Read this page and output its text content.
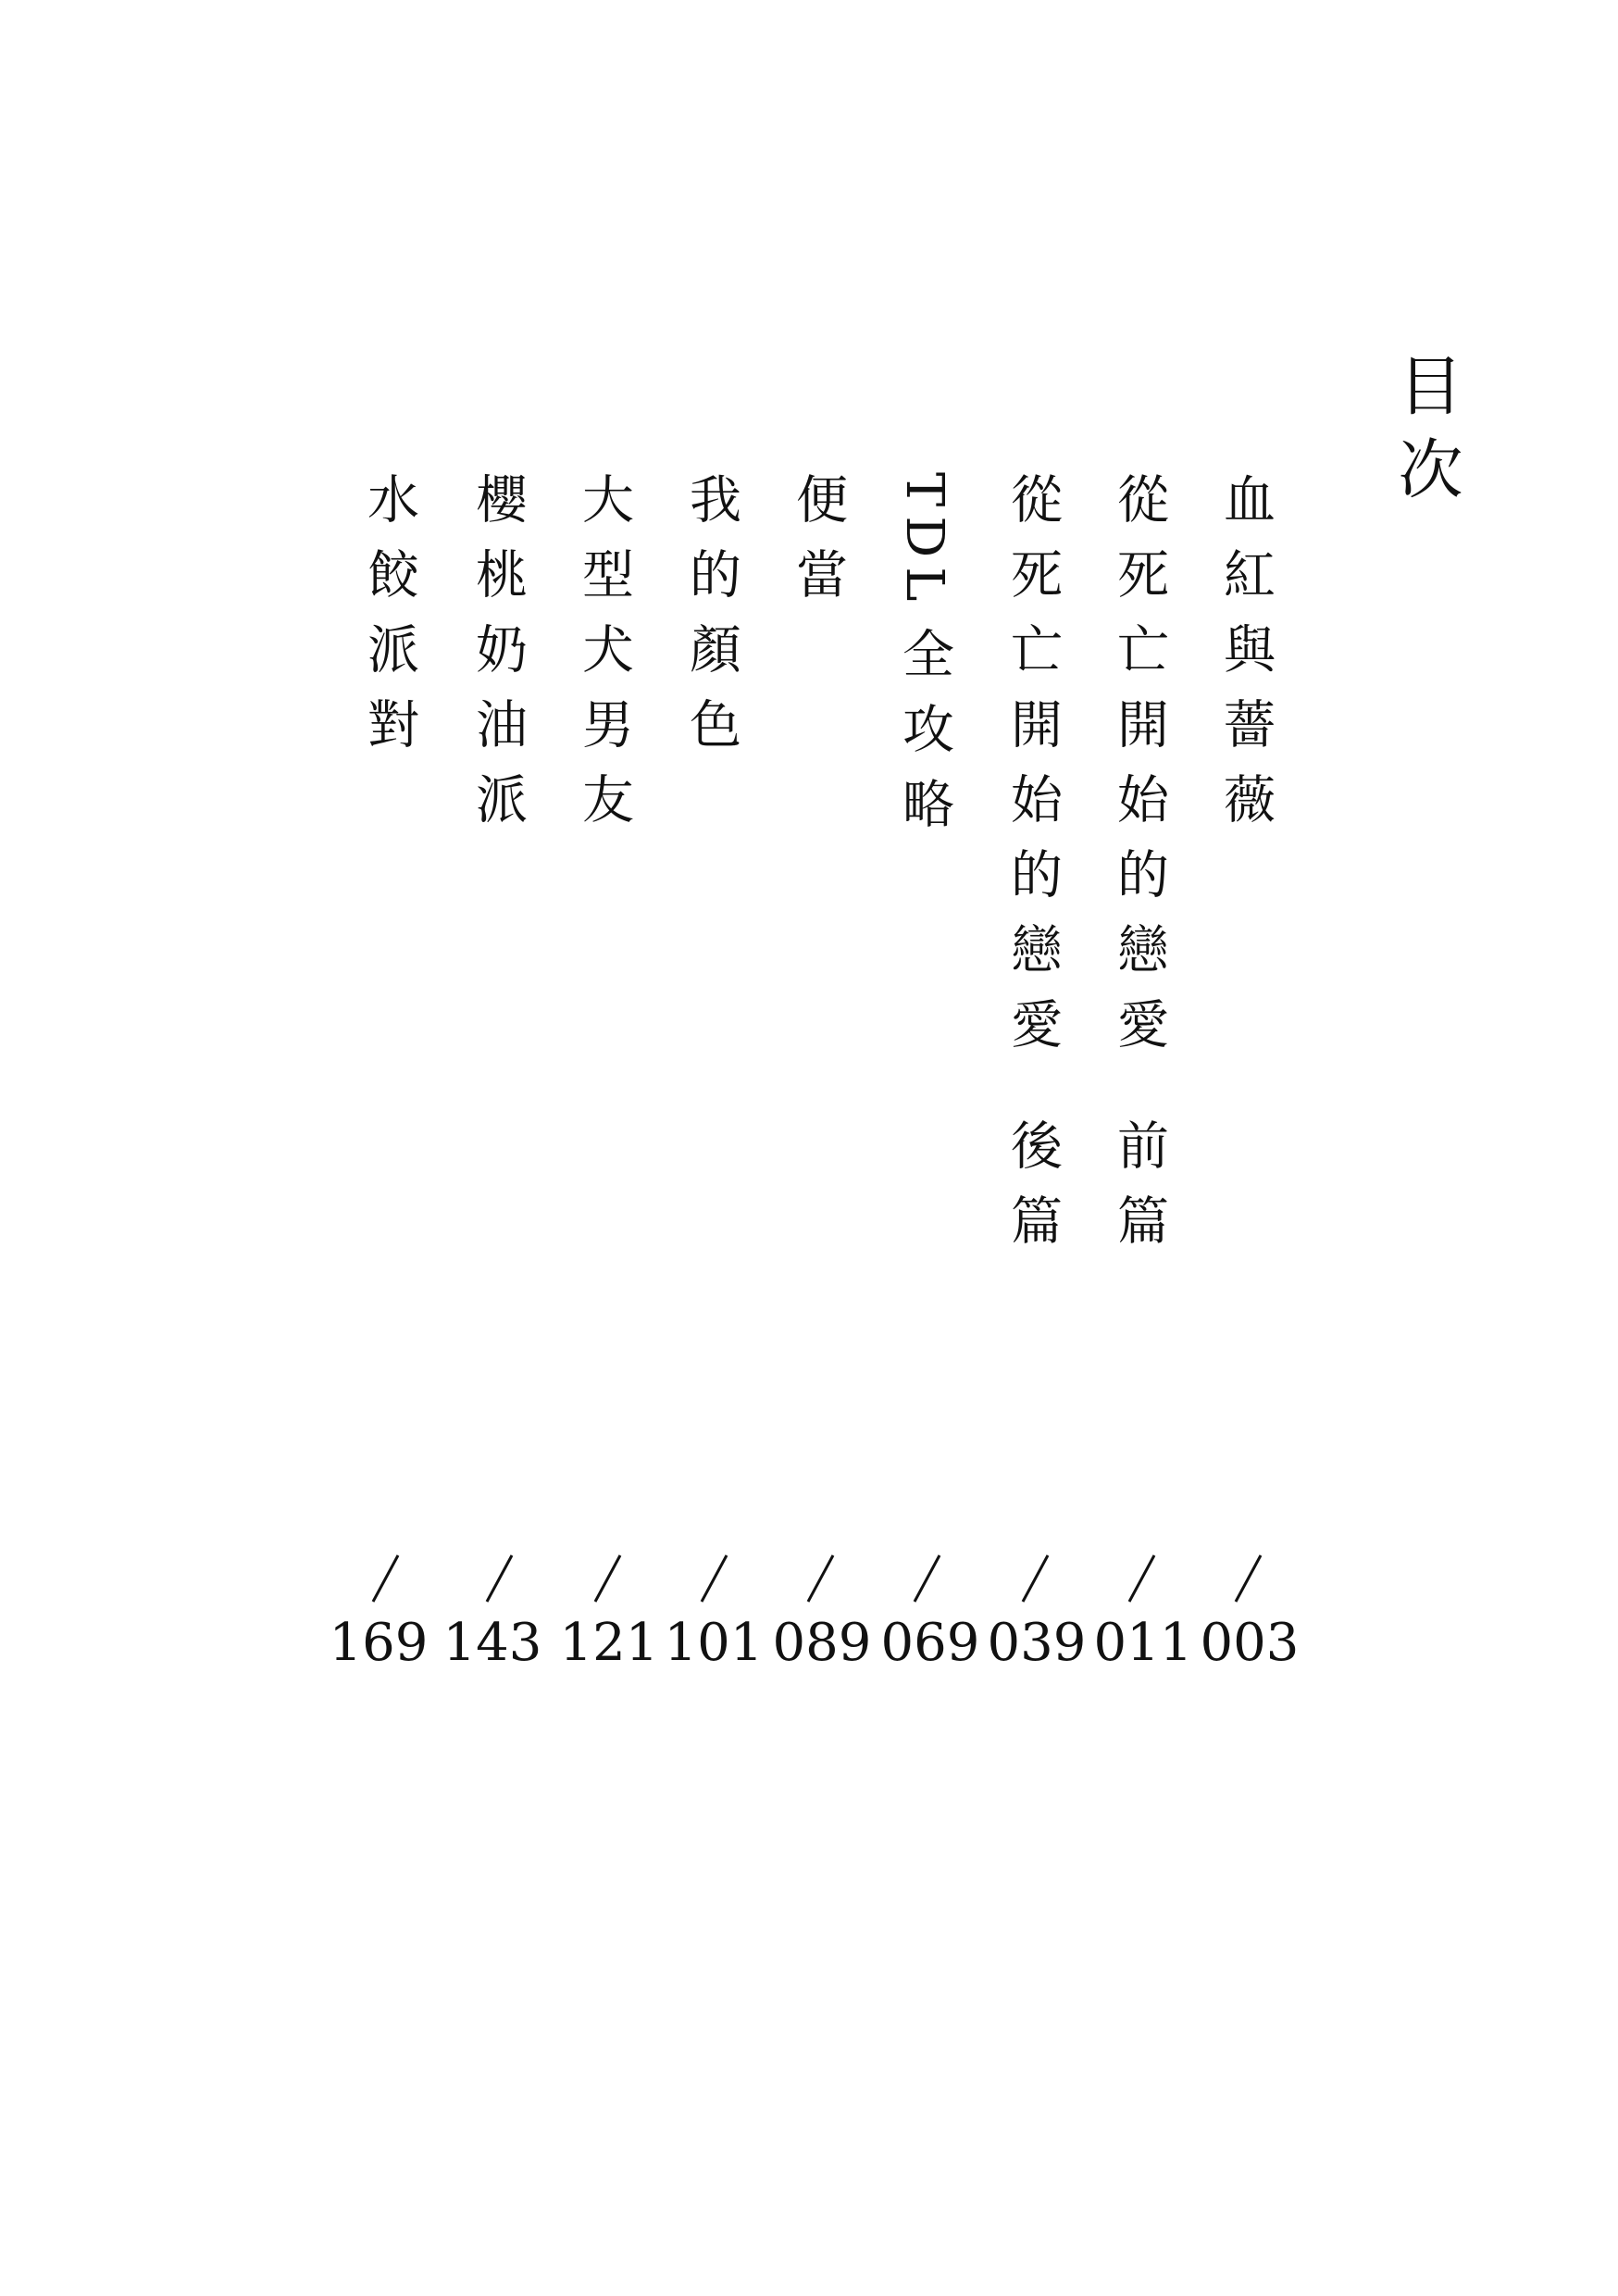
目次
血紅與薔薇
從死亡開始的戀愛前篇
從死亡開始的戀愛後篇
TDL全攻略
便當
我的顏色
大型犬男友
櫻桃奶油派
水餃派對
003
011
039
069
089
101
121
143
169
